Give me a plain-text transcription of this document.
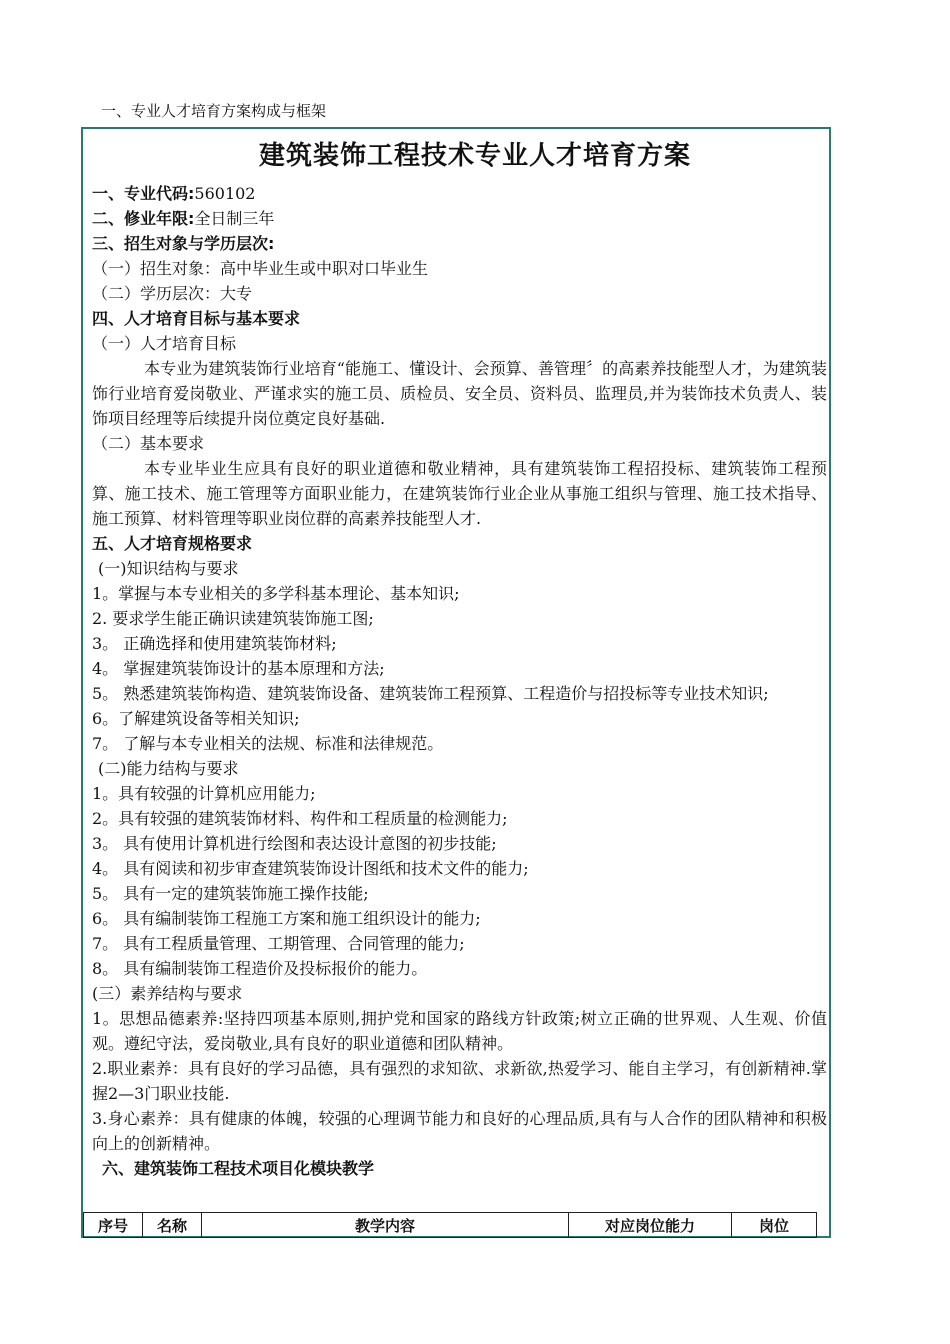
一、专业人才培育方案构成与框架
建筑装饰工程技术专业人才培育方案
一、专业代码:560102
二、修业年限:全日制三年
三、招生对象与学历层次:
（一）招生对象：高中毕业生或中职对口毕业生
（二）学历层次：大专
四、人才培育目标与基本要求
（一）人才培育目标
本专业为建筑装饰行业培育“能施工、懂设计、会预算、善管理〞的高素养技能型人才，为建筑装饰行业培育爱岗敬业、严谨求实的施工员、质检员、安全员、资料员、监理员,并为装饰技术负责人、装饰项目经理等后续提升岗位奠定良好基础.
（二）基本要求
本专业毕业生应具有良好的职业道德和敬业精神，具有建筑装饰工程招投标、建筑装饰工程预算、施工技术、施工管理等方面职业能力，在建筑装饰行业企业从事施工组织与管理、施工技术指导、施工预算、材料管理等职业岗位群的高素养技能型人才.
五、人才培育规格要求
(一)知识结构与要求
1。掌握与本专业相关的多学科基本理论、基本知识;
2. 要求学生能正确识读建筑装饰施工图;
3。 正确选择和使用建筑装饰材料;
4。 掌握建筑装饰设计的基本原理和方法;
5。 熟悉建筑装饰构造、建筑装饰设备、建筑装饰工程预算、工程造价与招投标等专业技术知识;
6。了解建筑设备等相关知识;
7。 了解与本专业相关的法规、标准和法律规范。
(二)能力结构与要求
1。具有较强的计算机应用能力;
2。具有较强的建筑装饰材料、构件和工程质量的检测能力;
3。 具有使用计算机进行绘图和表达设计意图的初步技能;
4。 具有阅读和初步审查建筑装饰设计图纸和技术文件的能力;
5。 具有一定的建筑装饰施工操作技能;
6。 具有编制装饰工程施工方案和施工组织设计的能力;
7。 具有工程质量管理、工期管理、合同管理的能力;
8。 具有编制装饰工程造价及投标报价的能力。
(三）素养结构与要求
1。思想品德素养:坚持四项基本原则,拥护党和国家的路线方针政策;树立正确的世界观、人生观、价值观。遵纪守法，爱岗敬业,具有良好的职业道德和团队精神。
2.职业素养：具有良好的学习品德，具有强烈的求知欲、求新欲,热爱学习、能自主学习，有创新精神.掌握2—3门职业技能.
3.身心素养：具有健康的体魄，较强的心理调节能力和良好的心理品质,具有与人合作的团队精神和积极向上的创新精神。
六、建筑装饰工程技术项目化模块教学
序号	名称	教学内容	对应岗位能力	岗位
